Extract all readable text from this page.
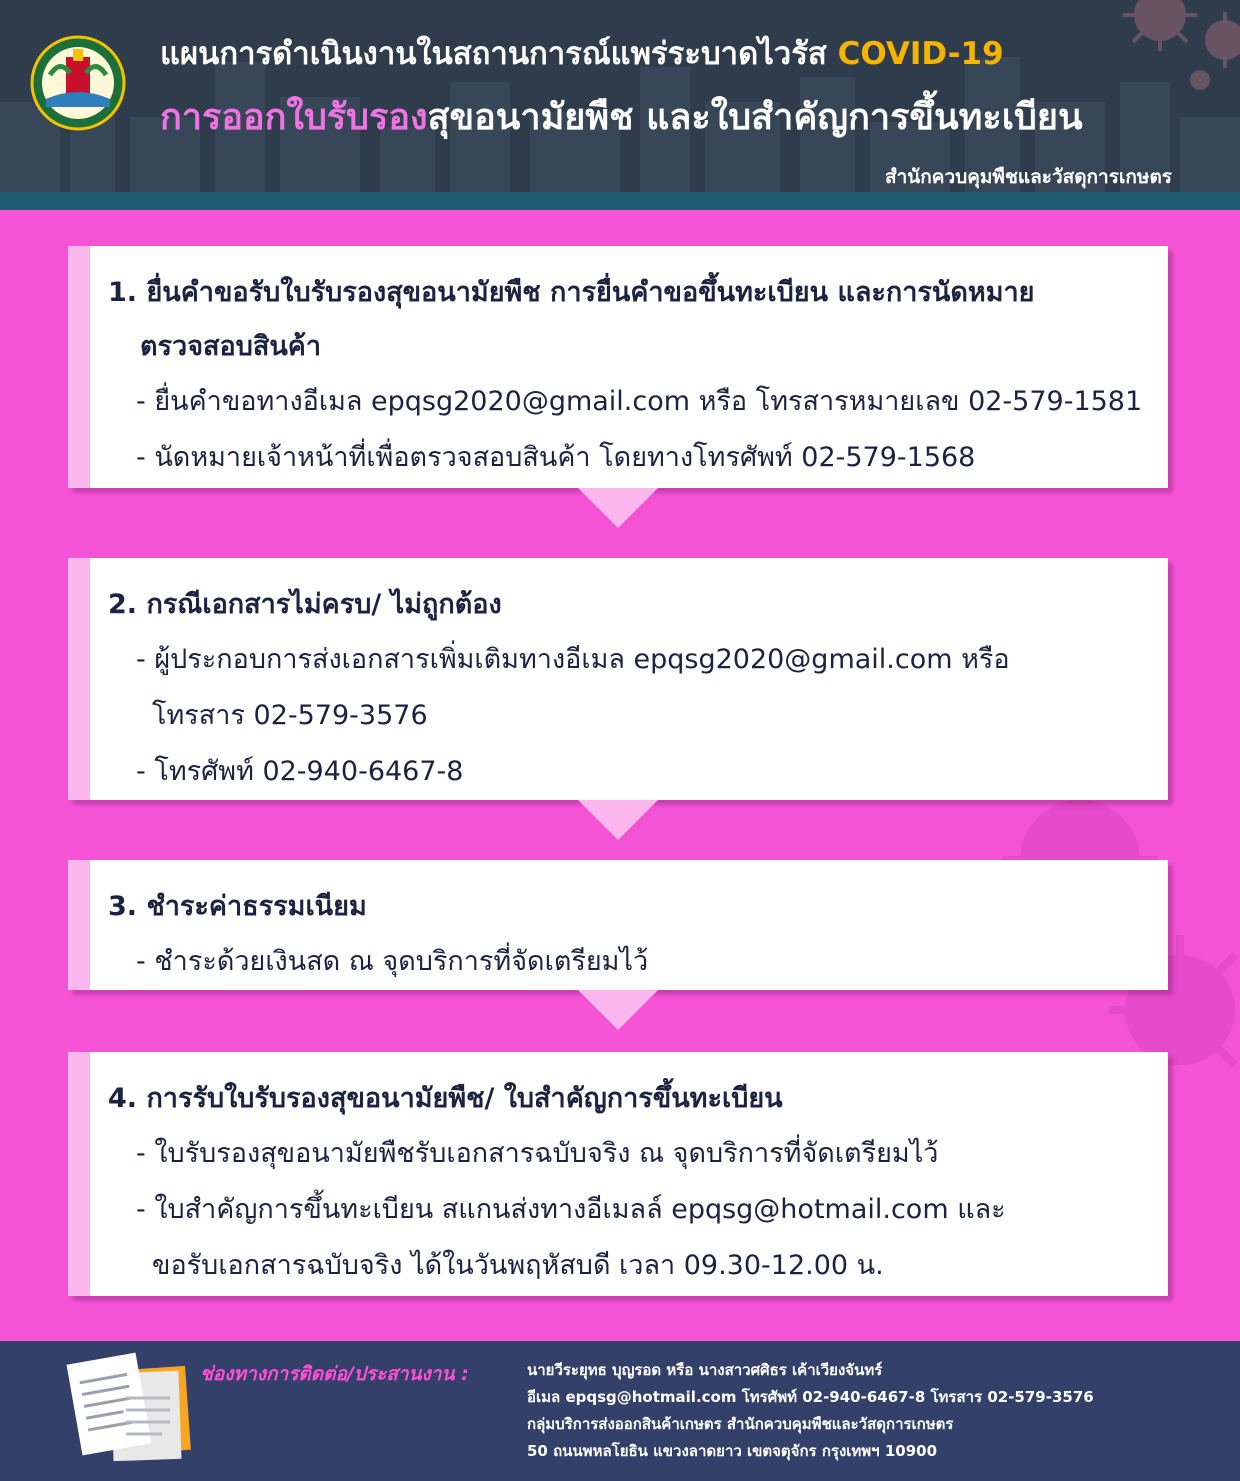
แผนการดำเนินงานในสถานการณ์แพร่ระบาดไวรัส COVID-19
การออกใบรับรองสุขอนามัยพืช และใบสำคัญการขึ้นทะเบียน
สำนักควบคุมพืชและวัสดุการเกษตร

1. ยื่นคำขอรับใบรับรองสุขอนามัยพืช การยื่นคำขอขึ้นทะเบียน และการนัดหมาย

ตรวจสอบสินค้า

- ยื่นคำขอทางอีเมล epqsg2020@gmail.com หรือ โทรสารหมายเลข 02-579-1581

- นัดหมายเจ้าหน้าที่เพื่อตรวจสอบสินค้า โดยทางโทรศัพท์ 02-579-1568

2. กรณีเอกสารไม่ครบ/ ไม่ถูกต้อง

- ผู้ประกอบการส่งเอกสารเพิ่มเติมทางอีเมล epqsg2020@gmail.com หรือ

โทรสาร 02-579-3576

- โทรศัพท์ 02-940-6467-8

3. ชำระค่าธรรมเนียม

- ชำระด้วยเงินสด ณ จุดบริการที่จัดเตรียมไว้

4. การรับใบรับรองสุขอนามัยพืช/ ใบสำคัญการขึ้นทะเบียน

- ใบรับรองสุขอนามัยพืชรับเอกสารฉบับจริง ณ จุดบริการที่จัดเตรียมไว้

- ใบสำคัญการขึ้นทะเบียน สแกนส่งทางอีเมลล์ epqsg@hotmail.com และ

ขอรับเอกสารฉบับจริง ได้ในวันพฤหัสบดี เวลา 09.30-12.00 น.

ช่องทางการติดต่อ/ประสานงาน :	นายวีระยุทธ บุญรอด หรือ นางสาวศศิธร เค้าเวียงจันทร์
อีเมล epqsg@hotmail.com โทรศัพท์ 02-940-6467-8 โทรสาร 02-579-3576
กลุ่มบริการส่งออกสินค้าเกษตร สำนักควบคุมพืชและวัสดุการเกษตร
50 ถนนพหลโยธิน แขวงลาดยาว เขตจตุจักร กรุงเทพฯ 10900
